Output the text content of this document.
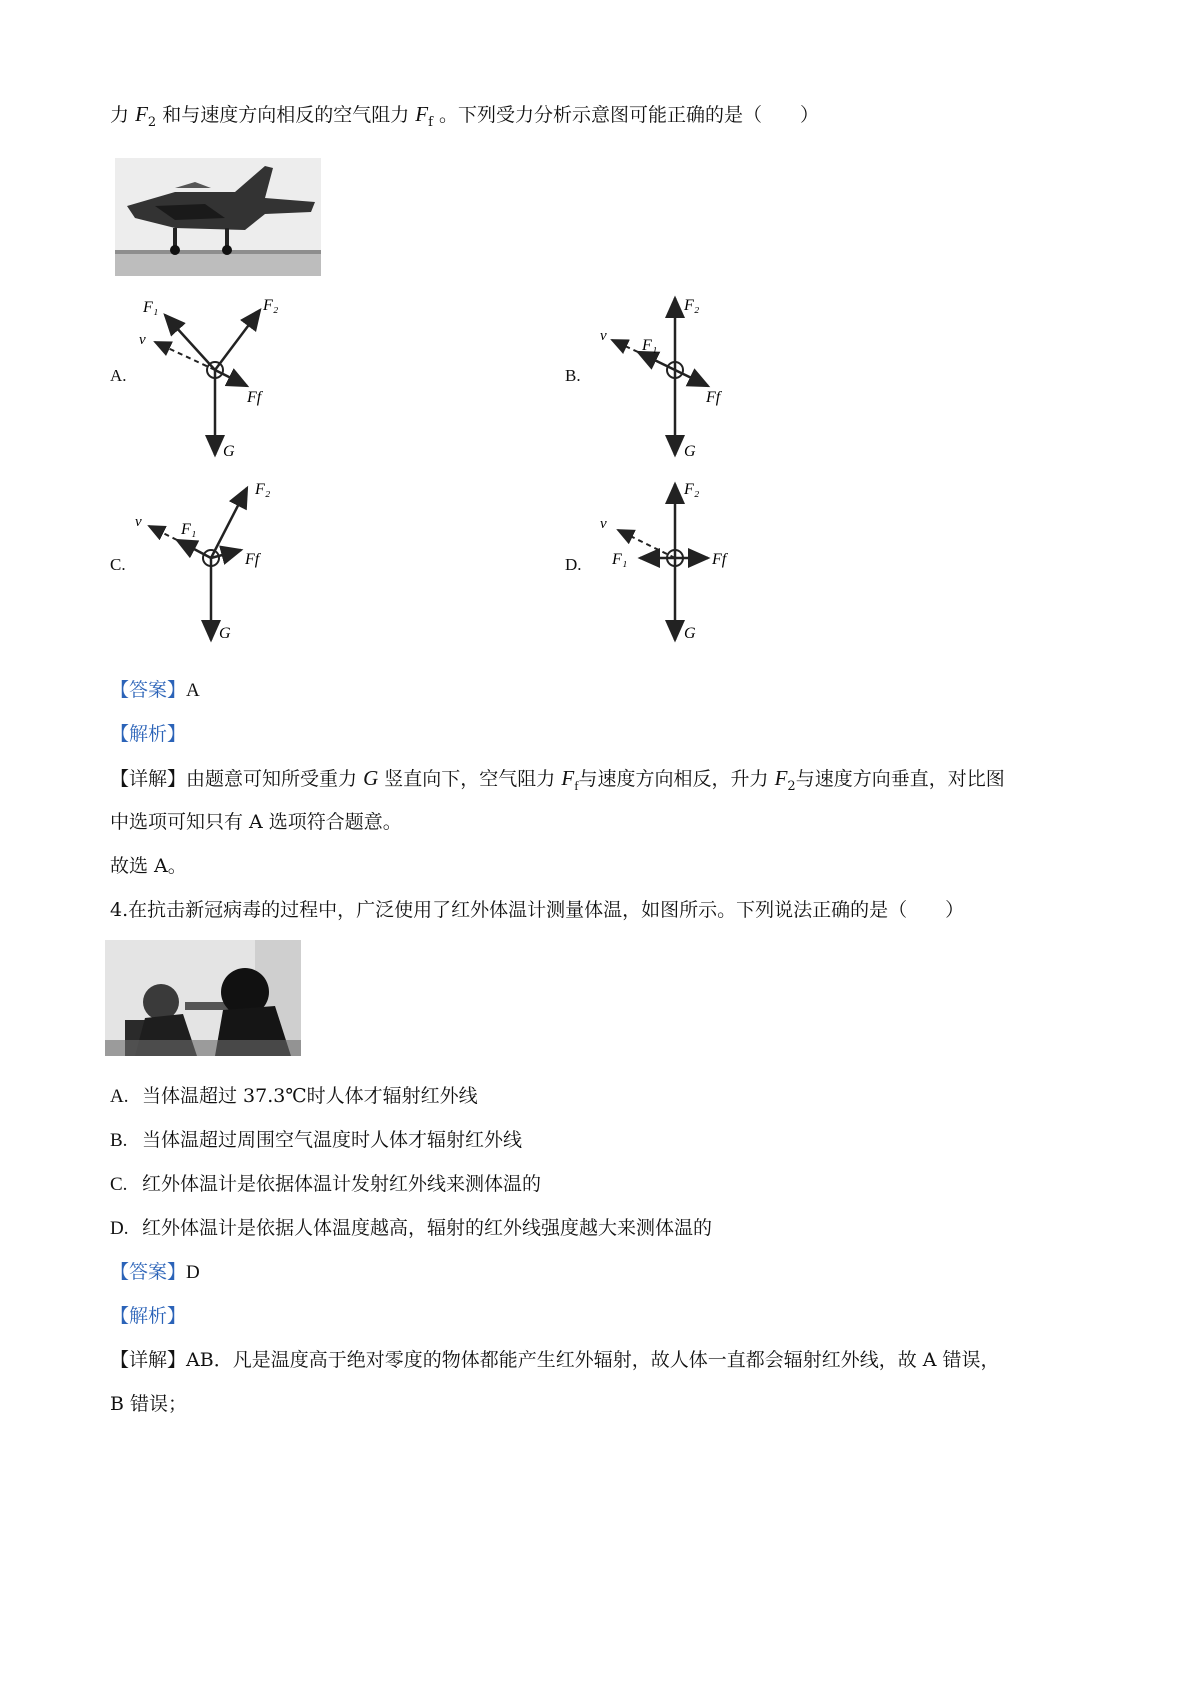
力 $F_2$ 和与速度方向相反的空气阻力 $F_f$ 。下列受力分析示意图可能正确的是（　　）
A.	B.
C.	D.
F₁	F₂
v
Ff
G
F₂
F₁
v
Ff
G
F₂
F₁
v
Ff
G
F₂
v
F₁	Ff
G
【答案】A
【解析】
【详解】由题意可知所受重力 G 竖直向下，空气阻力 $F_f$与速度方向相反，升力 $F_2$与速度方向垂直，对比图
中选项可知只有 A 选项符合题意。
故选 A。
4.在抗击新冠病毒的过程中，广泛使用了红外体温计测量体温，如图所示。下列说法正确的是（　　）
A. 当体温超过 37.3℃时人体才辐射红外线
B. 当体温超过周围空气温度时人体才辐射红外线
C. 红外体温计是依据体温计发射红外线来测体温的
D. 红外体温计是依据人体温度越高，辐射的红外线强度越大来测体温的
【答案】D
【解析】
【详解】AB．凡是温度高于绝对零度的物体都能产生红外辐射，故人体一直都会辐射红外线，故 A 错误，
B 错误；
